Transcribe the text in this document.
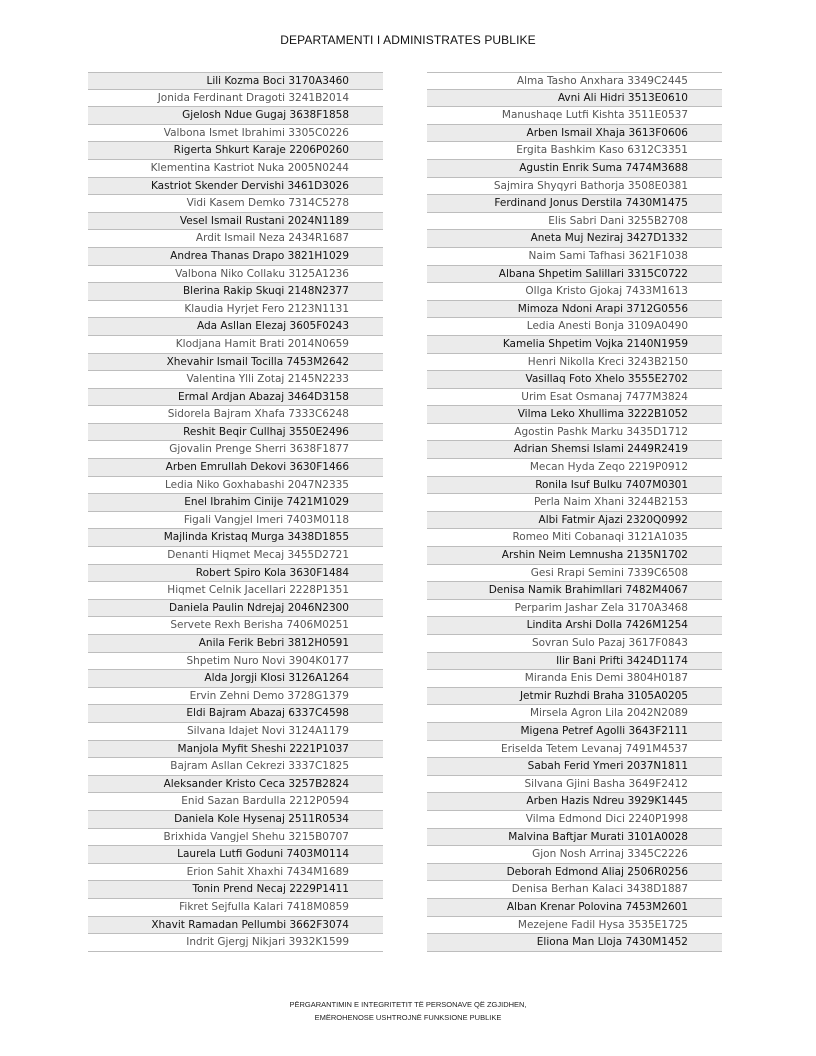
DEPARTAMENTI I ADMINISTRATES PUBLIKE
Lili Kozma Boci 3170A3460
Jonida Ferdinant Dragoti 3241B2014
Gjelosh Ndue Gugaj 3638F1858
Valbona Ismet Ibrahimi 3305C0226
Rigerta Shkurt Karaje 2206P0260
Klementina Kastriot Nuka 2005N0244
Kastriot Skender Dervishi 3461D3026
Vidi Kasem Demko 7314C5278
Vesel Ismail Rustani 2024N1189
Ardit Ismail Neza 2434R1687
Andrea Thanas Drapo 3821H1029
Valbona Niko Collaku 3125A1236
Blerina Rakip Skuqi 2148N2377
Klaudia Hyrjet Fero 2123N1131
Ada Asllan Elezaj 3605F0243
Klodjana Hamit Brati 2014N0659
Xhevahir Ismail Tocilla 7453M2642
Valentina Ylli Zotaj 2145N2233
Ermal Ardjan Abazaj 3464D3158
Sidorela Bajram Xhafa 7333C6248
Reshit Beqir Cullhaj 3550E2496
Gjovalin Prenge Sherri 3638F1877
Arben Emrullah Dekovi 3630F1466
Ledia Niko Goxhabashi 2047N2335
Enel Ibrahim Cinije 7421M1029
Figali Vangjel Imeri 7403M0118
Majlinda Kristaq Murga 3438D1855
Denanti Hiqmet Mecaj 3455D2721
Robert Spiro Kola 3630F1484
Hiqmet Celnik Jacellari 2228P1351
Daniela Paulin Ndrejaj 2046N2300
Servete Rexh Berisha 7406M0251
Anila Ferik Bebri 3812H0591
Shpetim Nuro Novi 3904K0177
Alda Jorgji Klosi 3126A1264
Ervin Zehni Demo 3728G1379
Eldi Bajram Abazaj 6337C4598
Silvana Idajet Novi 3124A1179
Manjola Myfit Sheshi 2221P1037
Bajram Asllan Cekrezi 3337C1825
Aleksander Kristo Ceca 3257B2824
Enid Sazan Bardulla 2212P0594
Daniela Kole Hysenaj 2511R0534
Brixhida Vangjel Shehu 3215B0707
Laurela Lutfi Goduni 7403M0114
Erion Sahit Xhaxhi 7434M1689
Tonin Prend Necaj 2229P1411
Fikret Sejfulla Kalari 7418M0859
Xhavit Ramadan Pellumbi 3662F3074
Indrit Gjergj Nikjari 3932K1599
Alma Tasho Anxhara 3349C2445
Avni Ali Hidri 3513E0610
Manushaqe Lutfi Kishta 3511E0537
Arben Ismail Xhaja 3613F0606
Ergita Bashkim Kaso 6312C3351
Agustin Enrik Suma 7474M3688
Sajmira Shyqyri Bathorja 3508E0381
Ferdinand Jonus Derstila 7430M1475
Elis Sabri Dani 3255B2708
Aneta Muj Neziraj 3427D1332
Naim Sami Tafhasi 3621F1038
Albana Shpetim Salillari 3315C0722
Ollga Kristo Gjokaj 7433M1613
Mimoza Ndoni Arapi 3712G0556
Ledia Anesti Bonja 3109A0490
Kamelia Shpetim Vojka 2140N1959
Henri Nikolla Kreci 3243B2150
Vasillaq Foto Xhelo 3555E2702
Urim Esat Osmanaj 7477M3824
Vilma Leko Xhullima 3222B1052
Agostin Pashk Marku 3435D1712
Adrian Shemsi Islami 2449R2419
Mecan Hyda Zeqo 2219P0912
Ronila Isuf Bulku 7407M0301
Perla Naim Xhani 3244B2153
Albi Fatmir Ajazi 2320Q0992
Romeo Miti Cobanaqi 3121A1035
Arshin Neim Lemnusha 2135N1702
Gesi Rrapi Semini 7339C6508
Denisa Namik Brahimllari 7482M4067
Perparim Jashar Zela 3170A3468
Lindita Arshi Dolla 7426M1254
Sovran Sulo Pazaj 3617F0843
Ilir Bani Prifti 3424D1174
Miranda Enis Demi 3804H0187
Jetmir Ruzhdi Braha 3105A0205
Mirsela Agron Lila 2042N2089
Migena Petref Agolli 3643F2111
Eriselda Tetem Levanaj 7491M4537
Sabah Ferid Ymeri 2037N1811
Silvana Gjini Basha 3649F2412
Arben Hazis Ndreu 3929K1445
Vilma Edmond Dici 2240P1998
Malvina Baftjar Murati 3101A0028
Gjon Nosh Arrinaj 3345C2226
Deborah Edmond Aliaj 2506R0256
Denisa Berhan Kalaci 3438D1887
Alban Krenar Polovina 7453M2601
Mezejene Fadil Hysa 3535E1725
Eliona Man Lloja 7430M1452
PËRGARANTIMIN E INTEGRITETIT TË PERSONAVE QË ZGJIDHEN,
EMËROHENOSE USHTROJNË FUNKSIONE PUBLIKE
